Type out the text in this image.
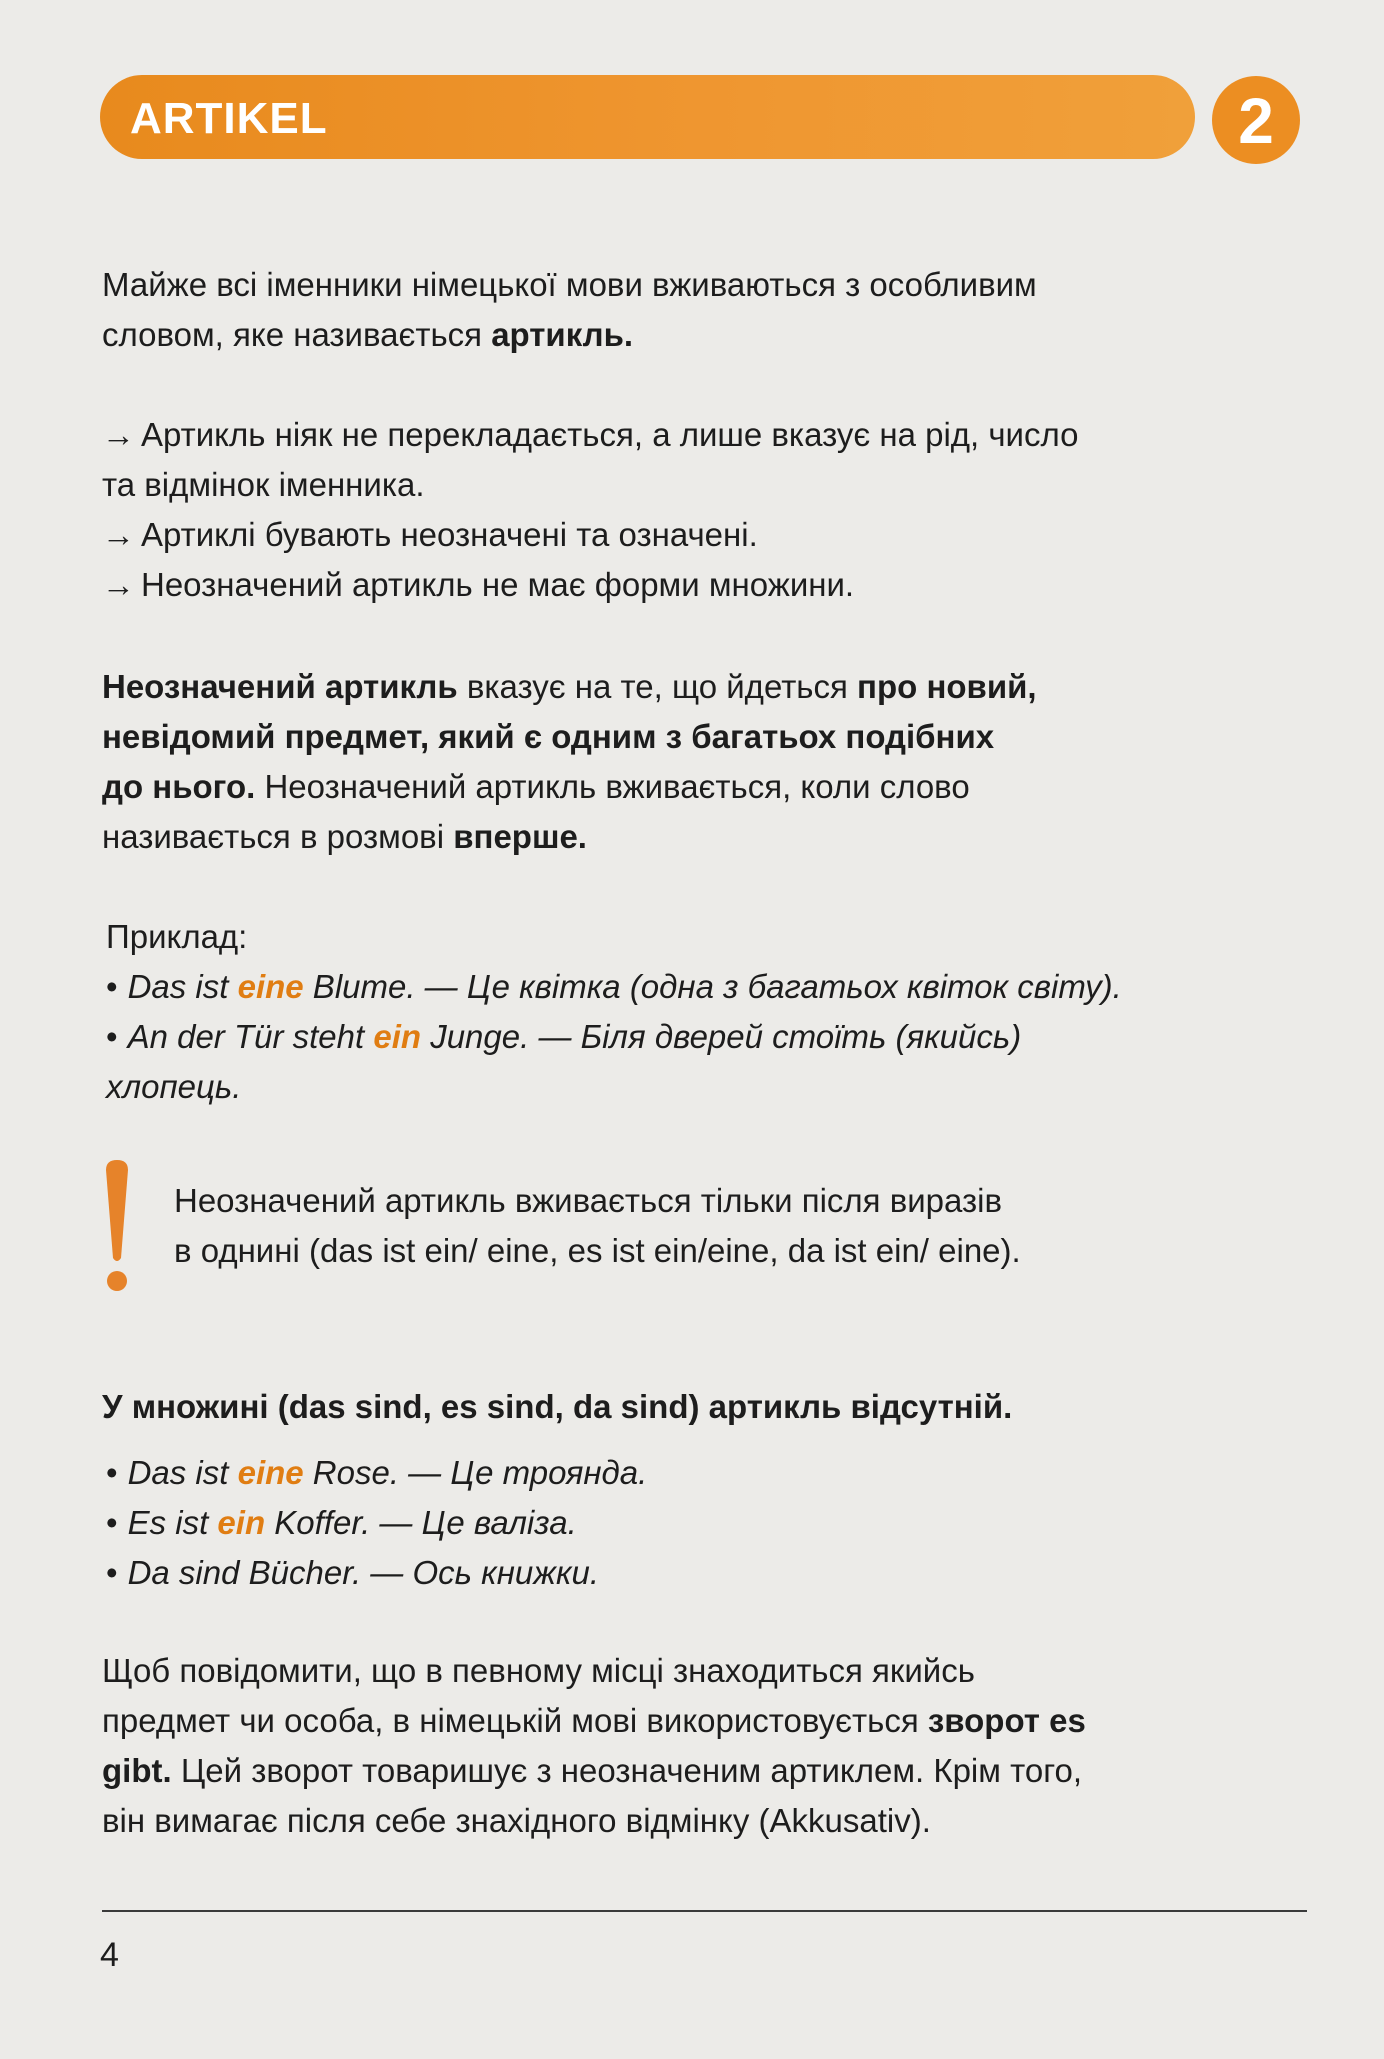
ARTIKEL	2
Майже всі іменники німецької мови вживаються з особливим
словом, яке називається артикль.
→ Артикль ніяк не перекладається, а лише вказує на рід, число
та відмінок іменника.
→ Артиклі бувають неозначені та означені.
→ Неозначений артикль не має форми множини.
Неозначений артикль вказує на те, що йдеться про новий,
невідомий предмет, який є одним з багатьох подібних
до нього. Неозначений артикль вживається, коли слово
називається в розмові вперше.
Приклад:
• Das ist eine Blume. — Це квітка (одна з багатьох квіток світу).
• An der Tür steht ein Junge. — Біля дверей стоїть (якийсь)
хлопець.
Неозначений артикль вживається тільки після виразів
в однині (das ist ein/ eine, es ist ein/eine, da ist ein/ eine).
У множині (das sind, es sind, da sind) артикль відсутній.
• Das ist eine Rose. — Це троянда.
• Es ist ein Koffer. — Це валіза.
• Da sind Bücher. — Ось книжки.
Щоб повідомити, що в певному місці знаходиться якийсь
предмет чи особа, в німецькій мові використовується зворот es
gibt. Цей зворот товаришує з неозначеним артиклем. Крім того,
він вимагає після себе знахідного відмінку (Akkusativ).
4
